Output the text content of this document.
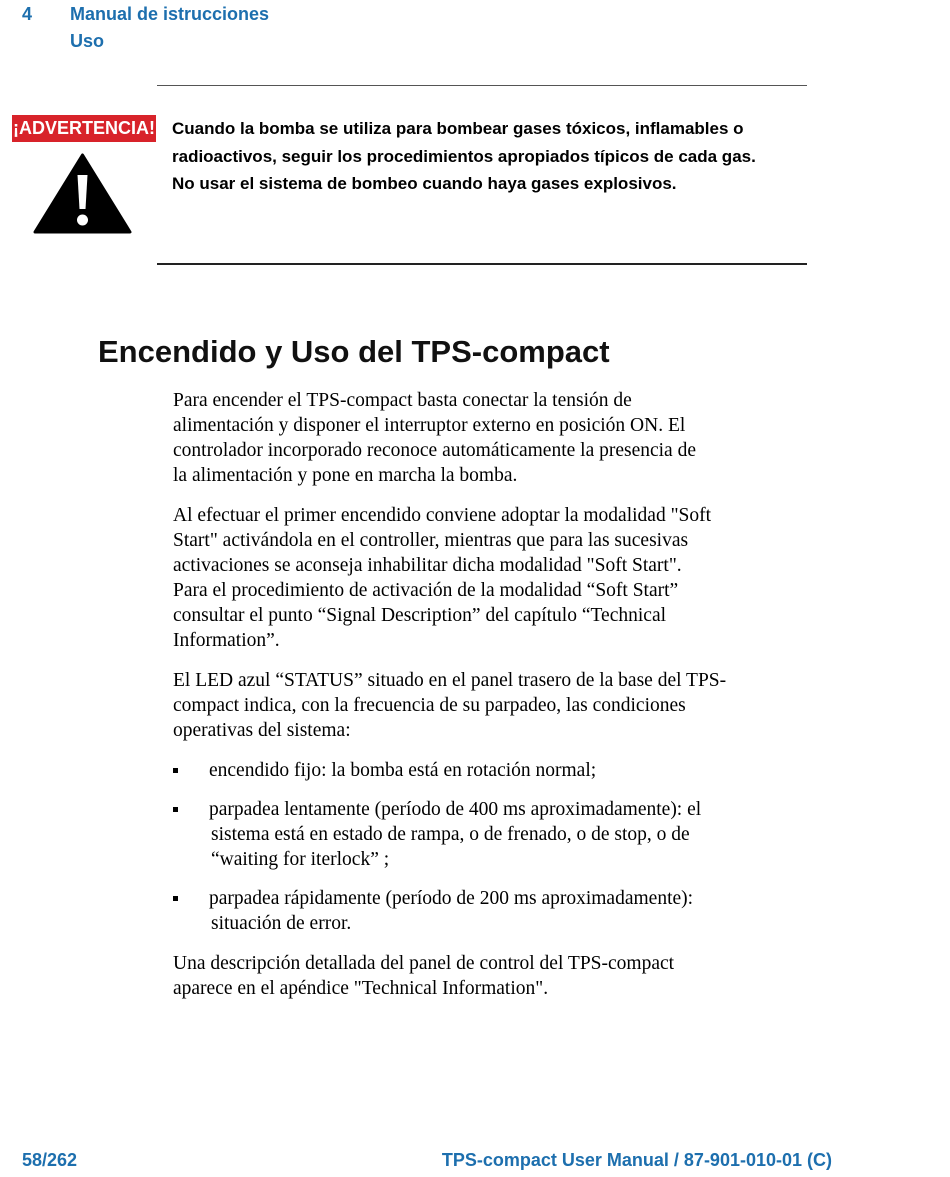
4 Manual de istrucciones
Uso
¡ADVERTENCIA! Cuando la bomba se utiliza para bombear gases tóxicos, inflamables o
radioactivos, seguir los procedimientos apropiados típicos de cada gas.
No usar el sistema de bombeo cuando haya gases explosivos.
Encendido y Uso del TPS-compact

Para encender el TPS-compact basta conectar la tensión de
alimentación y disponer el interruptor externo en posición ON. El
controlador incorporado reconoce automáticamente la presencia de
la alimentación y pone en marcha la bomba.

Al efectuar el primer encendido conviene adoptar la modalidad "Soft
Start" activándola en el controller, mientras que para las sucesivas
activaciones se aconseja inhabilitar dicha modalidad "Soft Start".
Para el procedimiento de activación de la modalidad “Soft Start”
consultar el punto “Signal Description” del capítulo “Technical
Information”.

El LED azul “STATUS” situado en el panel trasero de la base del TPS-
compact indica, con la frecuencia de su parpadeo, las condiciones
operativas del sistema:

encendido fijo: la bomba está en rotación normal;
parpadea lentamente (período de 400 ms aproximadamente): el
sistema está en estado de rampa, o de frenado, o de stop, o de
“waiting for iterlock” ;
parpadea rápidamente (período de 200 ms aproximadamente):
situación de error.

Una descripción detallada del panel de control del TPS-compact
aparece en el apéndice "Technical Information".

58/262	TPS-compact User Manual / 87-901-010-01 (C)
